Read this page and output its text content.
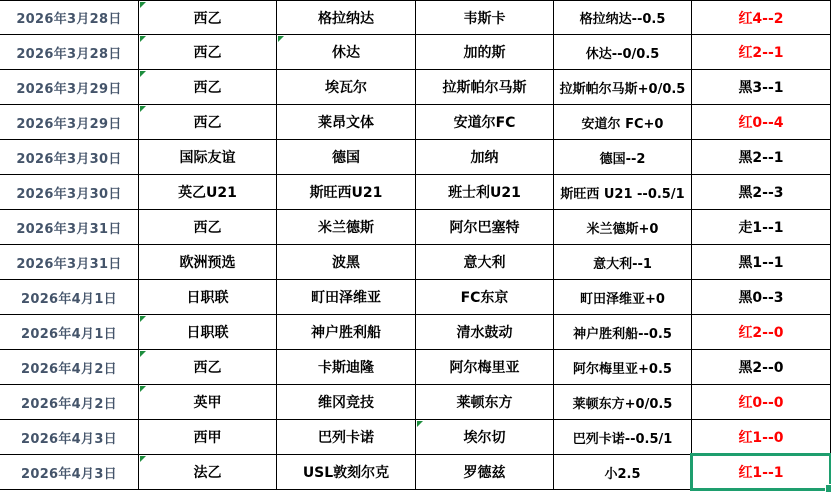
2026年3月28日	西乙	格拉纳达	韦斯卡	格拉纳达--0.5	红4--2
2026年3月28日	西乙	休达	加的斯	休达--0/0.5	红2--1
2026年3月29日	西乙	埃瓦尔	拉斯帕尔马斯	拉斯帕尔马斯+0/0.5	黑3--1
2026年3月29日	西乙	莱昂文体	安道尔FC	安道尔 FC+0	红0--4
2026年3月30日	国际友谊	德国	加纳	德国--2	黑2--1
2026年3月30日	英乙U21	斯旺西U21	班士利U21	斯旺西 U21 --0.5/1	黑2--3
2026年3月31日	西乙	米兰德斯	阿尔巴塞特	米兰德斯+0	走1--1
2026年3月31日	欧洲预选	波黑	意大利	意大利--1	黑1--1
2026年4月1日	日职联	町田泽维亚	FC东京	町田泽维亚+0	黑0--3
2026年4月1日	日职联	神户胜利船	清水鼓动	神户胜利船--0.5	红2--0
2026年4月2日	西乙	卡斯迪隆	阿尔梅里亚	阿尔梅里亚+0.5	黑2--0
2026年4月2日	英甲	维冈竞技	莱顿东方	莱顿东方+0/0.5	红0--0
2026年4月3日	西甲	巴列卡诺	埃尔切	巴列卡诺--0.5/1	红1--0
2026年4月3日	法乙	USL敦刻尔克	罗德兹	小2.5	红1--1
